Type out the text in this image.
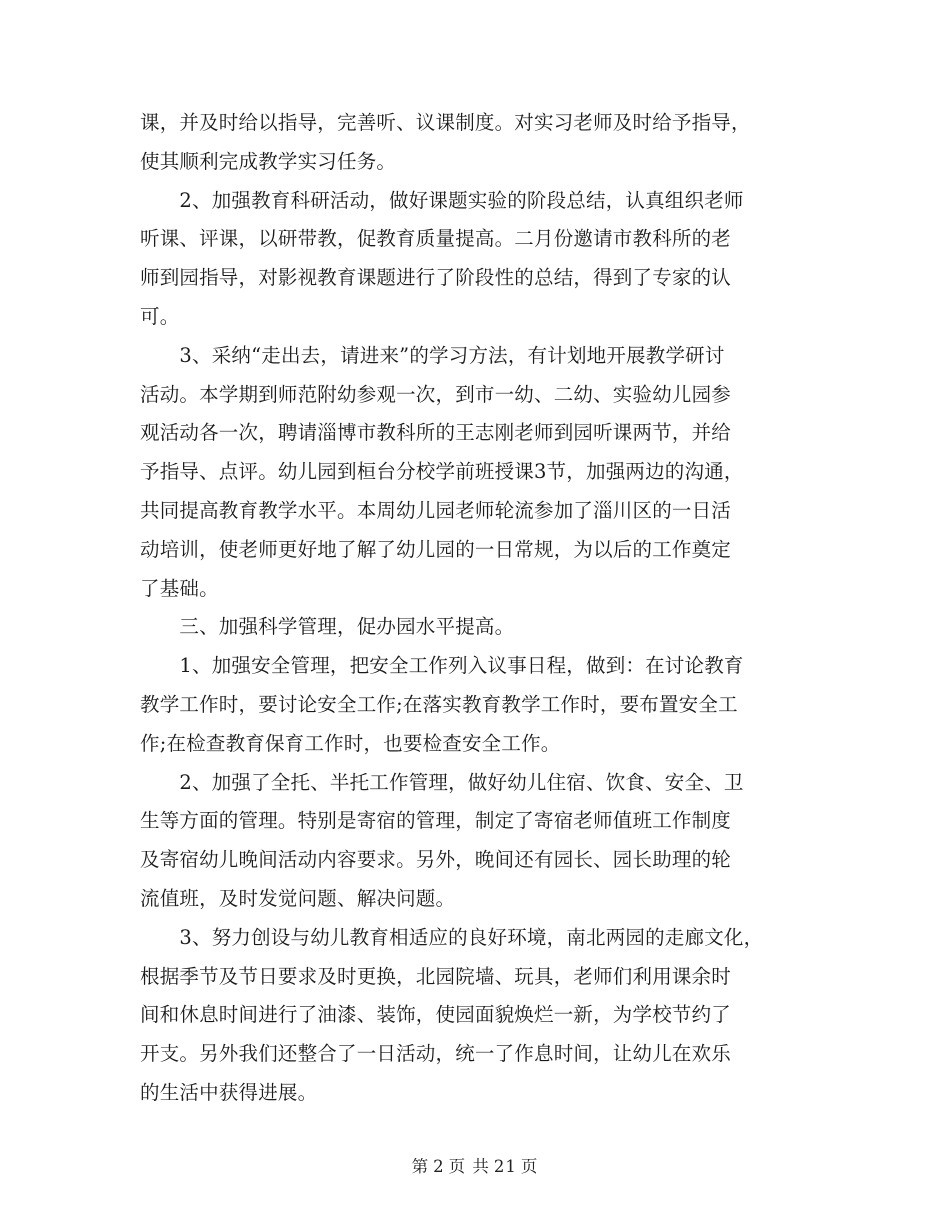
课，并及时给以指导，完善听、议课制度。对实习老师及时给予指导，
使其顺利完成教学实习任务。
　　2、加强教育科研活动，做好课题实验的阶段总结，认真组织老师
听课、评课，以研带教，促教育质量提高。二月份邀请市教科所的老
师到园指导，对影视教育课题进行了阶段性的总结，得到了专家的认
可。
　　3、采纳“走出去，请进来”的学习方法，有计划地开展教学研讨
活动。本学期到师范附幼参观一次，到市一幼、二幼、实验幼儿园参
观活动各一次，聘请淄博市教科所的王志刚老师到园听课两节，并给
予指导、点评。幼儿园到桓台分校学前班授课3节，加强两边的沟通，
共同提高教育教学水平。本周幼儿园老师轮流参加了淄川区的一日活
动培训，使老师更好地了解了幼儿园的一日常规，为以后的工作奠定
了基础。
　　三、加强科学管理，促办园水平提高。
　　1、加强安全管理，把安全工作列入议事日程，做到：在讨论教育
教学工作时，要讨论安全工作;在落实教育教学工作时，要布置安全工
作;在检查教育保育工作时，也要检查安全工作。
　　2、加强了全托、半托工作管理，做好幼儿住宿、饮食、安全、卫
生等方面的管理。特别是寄宿的管理，制定了寄宿老师值班工作制度
及寄宿幼儿晚间活动内容要求。另外，晚间还有园长、园长助理的轮
流值班，及时发觉问题、解决问题。
　　3、努力创设与幼儿教育相适应的良好环境，南北两园的走廊文化，
根据季节及节日要求及时更换，北园院墙、玩具，老师们利用课余时
间和休息时间进行了油漆、装饰，使园面貌焕烂一新，为学校节约了
开支。另外我们还整合了一日活动，统一了作息时间，让幼儿在欢乐
的生活中获得进展。
第 2 页 共 21 页
